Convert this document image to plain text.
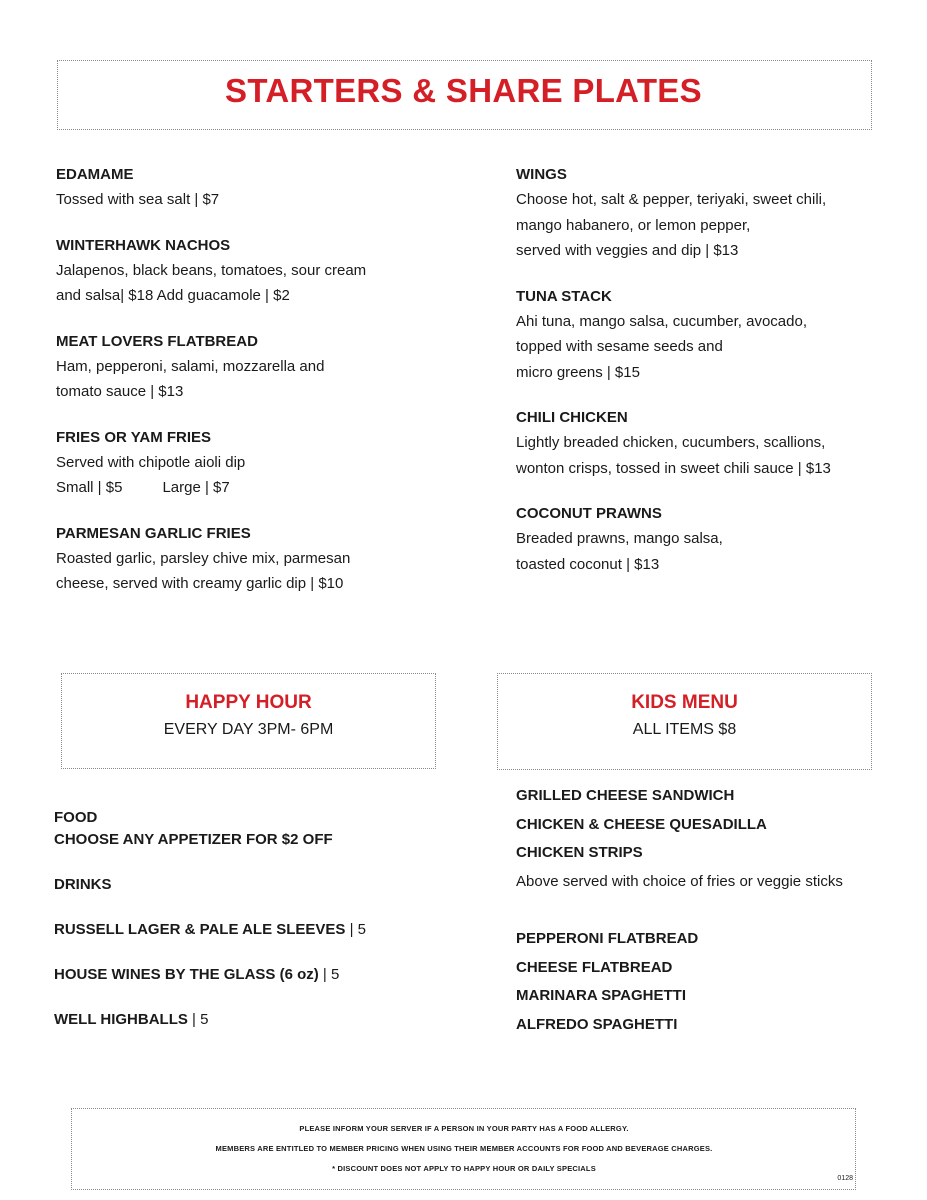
STARTERS & SHARE PLATES
EDAMAME
Tossed with sea salt | $7
WINTERHAWK NACHOS
Jalapenos, black beans, tomatoes, sour cream
and salsa| $18 Add guacamole | $2
MEAT LOVERS FLATBREAD
Ham, pepperoni, salami, mozzarella and
tomato sauce | $13
FRIES OR YAM FRIES
Served with chipotle aioli dip
Small | $5	Large | $7
PARMESAN GARLIC FRIES
Roasted garlic, parsley chive mix, parmesan
cheese, served with creamy garlic dip | $10
WINGS
Choose hot, salt & pepper, teriyaki, sweet chili,
mango habanero, or lemon pepper,
served with veggies and dip | $13
TUNA STACK
Ahi tuna, mango salsa, cucumber, avocado,
topped with sesame seeds and
micro greens | $15
CHILI CHICKEN
Lightly breaded chicken, cucumbers, scallions,
wonton crisps, tossed in sweet chili sauce | $13
COCONUT PRAWNS
Breaded prawns, mango salsa,
toasted coconut | $13
HAPPY HOUR
EVERY DAY 3PM- 6PM
KIDS MENU
ALL ITEMS $8
FOOD
CHOOSE ANY APPETIZER FOR $2 OFF
DRINKS
RUSSELL LAGER & PALE ALE SLEEVES | 5
HOUSE WINES BY THE GLASS (6 oz) | 5
WELL HIGHBALLS | 5
GRILLED CHEESE SANDWICH
CHICKEN & CHEESE QUESADILLA
CHICKEN STRIPS
Above served with choice of fries or veggie sticks
PEPPERONI FLATBREAD
CHEESE FLATBREAD
MARINARA SPAGHETTI
ALFREDO SPAGHETTI
PLEASE INFORM YOUR SERVER IF A PERSON IN YOUR PARTY HAS A FOOD ALLERGY.
MEMBERS ARE ENTITLED TO MEMBER PRICING WHEN USING THEIR MEMBER ACCOUNTS FOR FOOD AND BEVERAGE CHARGES.
* DISCOUNT DOES NOT APPLY TO HAPPY HOUR OR DAILY SPECIALS
0128
